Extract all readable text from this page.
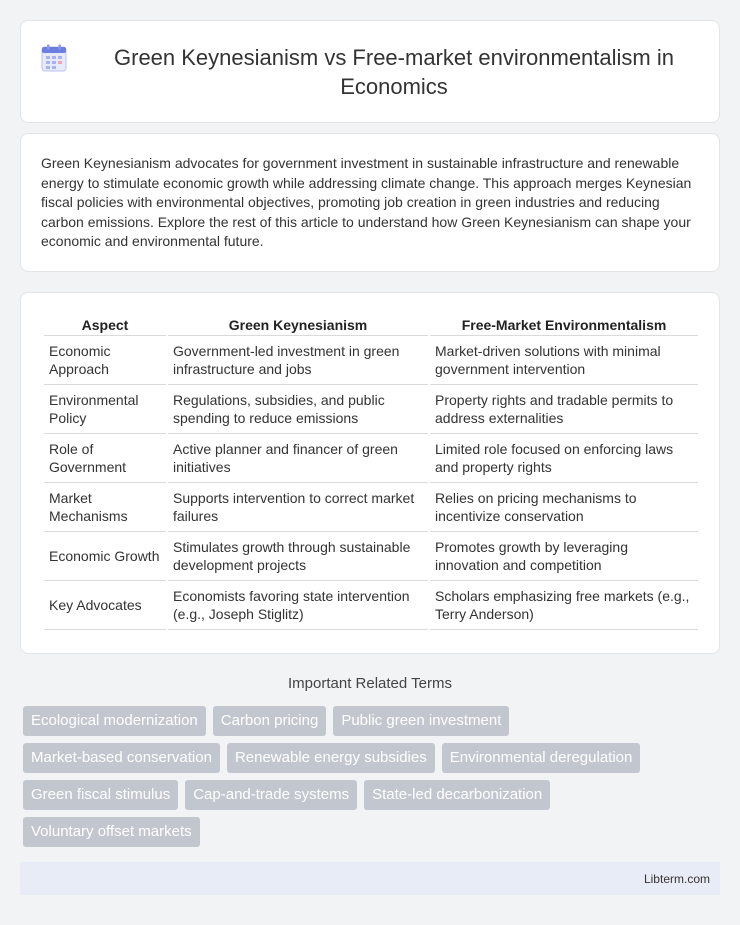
Green Keynesianism vs Free-market environmentalism in Economics

Green Keynesianism advocates for government investment in sustainable infrastructure and renewable energy to stimulate economic growth while addressing climate change. This approach merges Keynesian fiscal policies with environmental objectives, promoting job creation in green industries and reducing carbon emissions. Explore the rest of this article to understand how Green Keynesianism can shape your economic and environmental future.

Aspect	Green Keynesianism	Free-Market Environmentalism
Economic Approach	Government-led investment in green infrastructure and jobs	Market-driven solutions with minimal government intervention
Environmental Policy	Regulations, subsidies, and public spending to reduce emissions	Property rights and tradable permits to address externalities
Role of Government	Active planner and financer of green initiatives	Limited role focused on enforcing laws and property rights
Market Mechanisms	Supports intervention to correct market failures	Relies on pricing mechanisms to incentivize conservation
Economic Growth	Stimulates growth through sustainable development projects	Promotes growth by leveraging innovation and competition
Key Advocates	Economists favoring state intervention (e.g., Joseph Stiglitz)	Scholars emphasizing free markets (e.g., Terry Anderson)
Important Related Terms
Ecological modernization	Carbon pricing	Public green investment
Market-based conservation	Renewable energy subsidies	Environmental deregulation
Green fiscal stimulus	Cap-and-trade systems	State-led decarbonization
Voluntary offset markets
Libterm.com
